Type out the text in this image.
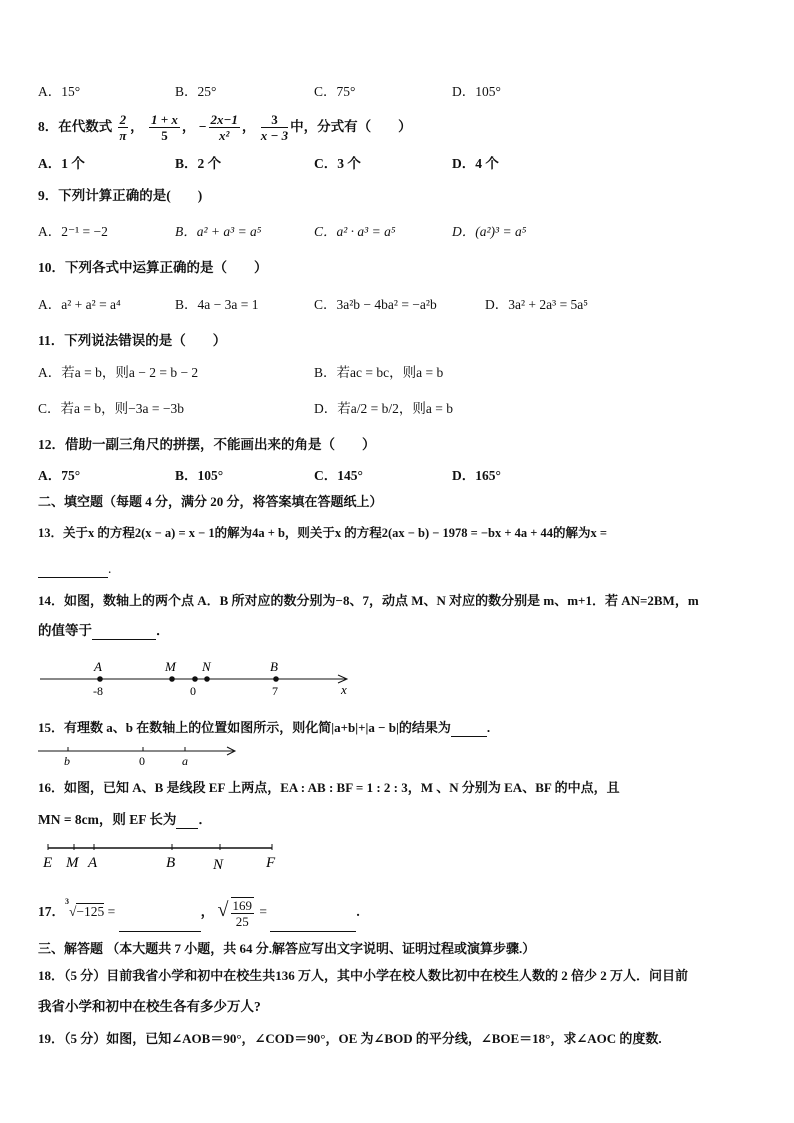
A．15°	B．25°	C．75°	D．105°
8．在代数式 $\frac{2}{\pi}$ ， $\frac{1 + x}{5}$ ， − $\frac{2x-1}{\text{x²}}$ ， $\frac{3}{x - 3}$ 中，分式有（　　）
A．1 个	B．2 个	C．3 个	D．4 个
9．下列计算正确的是(　　)
A．2⁻¹ = −2	B．a² + a³ = a⁵	C．a² · a³ = a⁵	D．(a²)³ = a⁵
10．下列各式中运算正确的是（　　）
A．a² + a² = a⁴	B．4a − 3a = 1	C．3a²b − 4ba² = −a²b	D．3a² + 2a³ = 5a⁵
11．下列说法错误的是（　　）
A．若a = b，则a − 2 = b − 2	B．若ac = bc，则a = b
C．若a = b，则−3a = −3b	D．若a/2 = b/2，则a = b
12．借助一副三角尺的拼摆，不能画出来的角是（　　）
A．75°	B．105°	C．145°	D．165°
二、填空题（每题 4 分，满分 20 分，将答案填在答题纸上）
13．关于x 的方程2(x − a) = x − 1的解为4a + b，则关于x 的方程2(ax − b) − 1978 = −bx + 4a + 44的解为x =
.
14．如图，数轴上的两个点 A．B 所对应的数分别为−8、7，动点 M、N 对应的数分别是 m、m+1．若 AN=2BM，m
的值等于	．
A	M N	B
-8	0	7	x
15．有理数 a、b 在数轴上的位置如图所示，则化简|a+b|+|a − b|的结果为	.
b	0	a
16．如图，已知 A、B 是线段 EF 上两点，EA : AB : BF = 1 : 2 : 3，M 、N 分别为 EA、BF 的中点，且
MN = 8cm，则 EF 长为 ．
E M A	B	N	F
17．$^3$√−125 =	， √ $\frac{169}{25}$ =	.
三、解答题 （本大题共 7 小题，共 64 分.解答应写出文字说明、证明过程或演算步骤.）
18．（5 分）目前我省小学和初中在校生共136 万人，其中小学在校人数比初中在校生人数的 2 倍少 2 万人．问目前
我省小学和初中在校生各有多少万人?
19．（5 分）如图，已知∠AOB＝90°，∠COD＝90°，OE 为∠BOD 的平分线，∠BOE＝18°，求∠AOC 的度数.
